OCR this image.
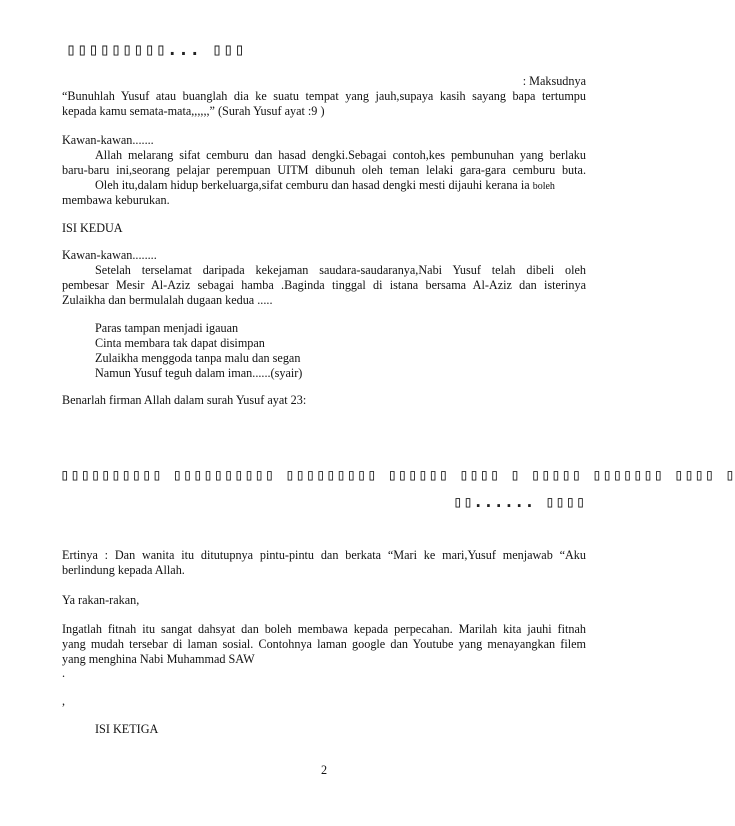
▯▯▯▯▯▯▯▯▯... ▯▯▯
: Maksudnya
“Bunuhlah Yusuf atau buanglah dia ke suatu tempat yang jauh,supaya kasih sayang bapa tertumpu
kepada kamu semata-mata,,,,,,” (Surah Yusuf ayat :9 )
Kawan-kawan.......
Allah melarang sifat cemburu dan hasad dengki.Sebagai contoh,kes pembunuhan yang berlaku
baru-baru ini,seorang pelajar perempuan UITM dibunuh oleh teman lelaki gara-gara cemburu buta.
Oleh itu,dalam hidup berkeluarga,sifat cemburu dan hasad dengki mesti dijauhi kerana ia boleh
membawa keburukan.
ISI KEDUA
Kawan-kawan........
Setelah terselamat daripada kekejaman saudara-saudaranya,Nabi Yusuf telah dibeli oleh
pembesar Mesir Al-Aziz sebagai hamba .Baginda tinggal di istana bersama Al-Aziz dan isterinya
Zulaikha dan bermulalah dugaan kedua .....
Paras tampan menjadi igauan
Cinta membara tak dapat disimpan
Zulaikha menggoda tanpa malu dan segan
Namun Yusuf teguh dalam iman......(syair)
Benarlah firman Allah dalam surah Yusuf ayat 23:
▯▯▯▯▯▯▯▯▯▯ ▯▯▯▯▯▯▯▯▯▯ ▯▯▯▯▯▯▯▯▯ ▯▯▯▯▯▯ ▯▯▯▯ ▯ ▯▯▯▯▯ ▯▯▯▯▯▯▯ ▯▯▯▯ ▯
▯▯...... ▯▯▯▯
Ertinya : Dan wanita itu ditutupnya pintu-pintu dan berkata “Mari ke mari,Yusuf menjawab “Aku
berlindung kepada Allah.
Ya rakan-rakan,
Ingatlah fitnah itu sangat dahsyat dan boleh membawa kepada perpecahan. Marilah kita jauhi fitnah
yang mudah tersebar di laman sosial. Contohnya laman google dan Youtube yang menayangkan filem
yang menghina Nabi Muhammad SAW
.
,
ISI KETIGA
2
